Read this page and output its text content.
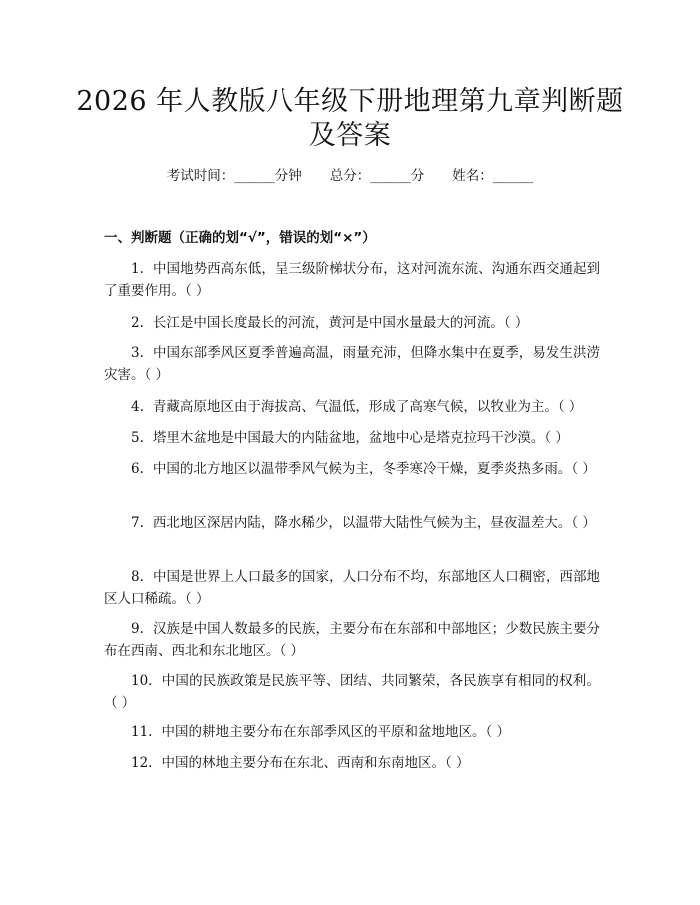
2026 年人教版八年级下册地理第九章判断题
及答案
考试时间：______分钟 总分：______分 姓名：______
一、判断题（正确的划“√”，错误的划“×”）
1. 中国地势西高东低，呈三级阶梯状分布，这对河流东流、沟通东西交通起到了重要作用。（ ）
2. 长江是中国长度最长的河流，黄河是中国水量最大的河流。（ ）
3. 中国东部季风区夏季普遍高温，雨量充沛，但降水集中在夏季，易发生洪涝灾害。（ ）
4. 青藏高原地区由于海拔高、气温低，形成了高寒气候，以牧业为主。（ ）
5. 塔里木盆地是中国最大的内陆盆地，盆地中心是塔克拉玛干沙漠。（ ）
6. 中国的北方地区以温带季风气候为主，冬季寒冷干燥，夏季炎热多雨。（ ）
7. 西北地区深居内陆，降水稀少，以温带大陆性气候为主，昼夜温差大。（ ）
8. 中国是世界上人口最多的国家，人口分布不均，东部地区人口稠密，西部地区人口稀疏。（ ）
9. 汉族是中国人数最多的民族，主要分布在东部和中部地区；少数民族主要分布在西南、西北和东北地区。（ ）
10. 中国的民族政策是民族平等、团结、共同繁荣，各民族享有相同的权利。（ ）
11. 中国的耕地主要分布在东部季风区的平原和盆地地区。（ ）
12. 中国的林地主要分布在东北、西南和东南地区。（ ）
